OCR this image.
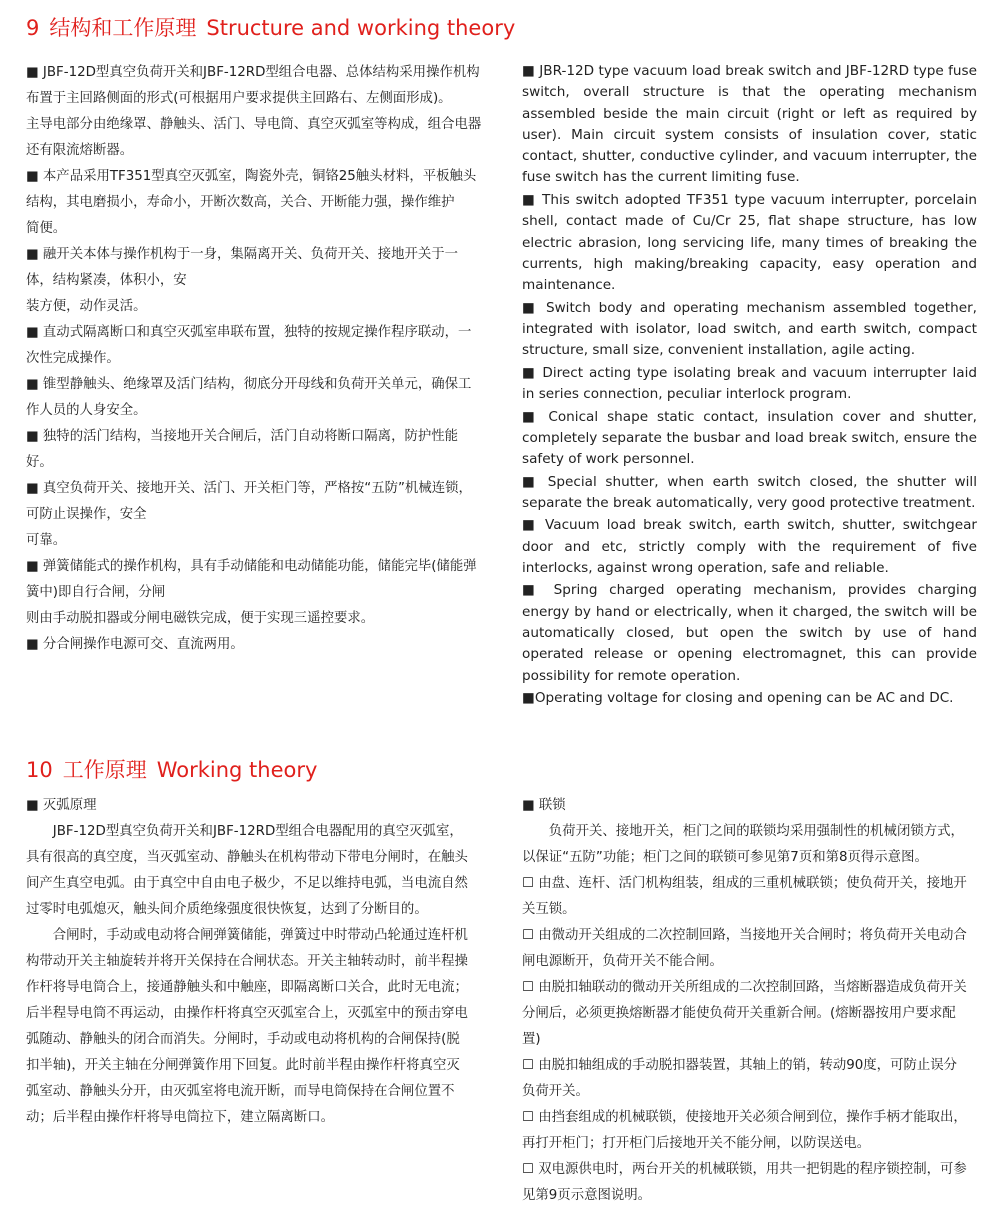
9 结构和工作原理 Structure and working theory

■ JBF-12D型真空负荷开关和JBF-12RD型组合电器、总体结构采用操作机构布置于主回路侧面的形式(可根据用户要求提供主回路右、左侧面形成)。

主导电部分由绝缘罩、静触头、活门、导电筒、真空灭弧室等构成，组合电器还有限流熔断器。

■ 本产品采用TF351型真空灭弧室，陶瓷外壳，铜铬25触头材料，平板触头结构，其电磨损小，寿命小，开断次数高，关合、开断能力强，操作维护

简便。

■ 融开关本体与操作机构于一身，集隔离开关、负荷开关、接地开关于一体，结构紧凑，体积小，安

装方便，动作灵活。

■ 直动式隔离断口和真空灭弧室串联布置，独特的按规定操作程序联动，一次性完成操作。

■ 锥型静触头、绝缘罩及活门结构，彻底分开母线和负荷开关单元，确保工作人员的人身安全。

■ 独特的活门结构，当接地开关合闸后，活门自动将断口隔离，防护性能好。

■ 真空负荷开关、接地开关、活门、开关柜门等，严格按“五防”机械连锁，可防止误操作，安全

可靠。

■ 弹簧储能式的操作机构，具有手动储能和电动储能功能，储能完毕(储能弹簧中)即自行合闸，分闸

则由手动脱扣器或分闸电磁铁完成，便于实现三遥控要求。

■ 分合闸操作电源可交、直流两用。

■ JBR-12D type vacuum load break switch and JBF-12RD type fuse switch, overall structure is that the operating mechanism assembled beside the main circuit (right or left as required by user). Main circuit system consists of insulation cover, static contact, shutter, conductive cylinder, and vacuum interrupter, the fuse switch has the current limiting fuse.

■ This switch adopted TF351 type vacuum interrupter, porcelain shell, contact made of Cu/Cr 25, flat shape structure, has low electric abrasion, long servicing life, many times of breaking the currents, high making/breaking capacity, easy operation and maintenance.

■ Switch body and operating mechanism assembled together, integrated with isolator, load switch, and earth switch, compact structure, small size, convenient installation, agile acting.

■ Direct acting type isolating break and vacuum interrupter laid in series connection, peculiar interlock program.

■ Conical shape static contact, insulation cover and shutter, completely separate the busbar and load break switch, ensure the safety of work personnel.

■ Special shutter, when earth switch closed, the shutter will separate the break automatically, very good protective treatment.

■ Vacuum load break switch, earth switch, shutter, switchgear door and etc, strictly comply with the requirement of five interlocks, against wrong operation, safe and reliable.

■ Spring charged operating mechanism, provides charging energy by hand or electrically, when it charged, the switch will be automatically closed, but open the switch by use of hand operated release or opening electromagnet, this can provide possibility for remote operation.

■Operating voltage for closing and opening can be AC and DC.

10 工作原理 Working theory

■ 灭弧原理

JBF-12D型真空负荷开关和JBF-12RD型组合电器配用的真空灭弧室，具有很高的真空度，当灭弧室动、静触头在机构带动下带电分闸时，在触头间产生真空电弧。由于真空中自由电子极少，不足以维持电弧，当电流自然过零时电弧熄灭，触头间介质绝缘强度很快恢复，达到了分断目的。

合闸时，手动或电动将合闸弹簧储能，弹簧过中时带动凸轮通过连杆机构带动开关主轴旋转并将开关保持在合闸状态。开关主轴转动时，前半程操作杆将导电筒合上，接通静触头和中触座，即隔离断口关合，此时无电流；后半程导电筒不再运动，由操作杆将真空灭弧室合上，灭弧室中的预击穿电弧随动、静触头的闭合而消失。分闸时，手动或电动将机构的合闸保持(脱扣半轴)，开关主轴在分闸弹簧作用下回复。此时前半程由操作杆将真空灭弧室动、静触头分开，由灭弧室将电流开断，而导电筒保持在合闸位置不动；后半程由操作杆将导电筒拉下，建立隔离断口。

■ 联锁

负荷开关、接地开关，柜门之间的联锁均采用强制性的机械闭锁方式，以保证“五防”功能；柜门之间的联锁可参见第7页和第8页得示意图。

☐ 由盘、连杆、活门机构组装，组成的三重机械联锁；使负荷开关，接地开关互锁。

☐ 由微动开关组成的二次控制回路，当接地开关合闸时；将负荷开关电动合闸电源断开，负荷开关不能合闸。

☐ 由脱扣轴联动的微动开关所组成的二次控制回路，当熔断器造成负荷开关分闸后，必须更换熔断器才能使负荷开关重新合闸。(熔断器按用户要求配置)

☐ 由脱扣轴组成的手动脱扣器装置，其轴上的销，转动90度，可防止误分负荷开关。

☐ 由挡套组成的机械联锁，使接地开关必须合闸到位，操作手柄才能取出，再打开柜门；打开柜门后接地开关不能分闸，以防误送电。

☐ 双电源供电时，两台开关的机械联锁，用共一把钥匙的程序锁控制，可参见第9页示意图说明。
